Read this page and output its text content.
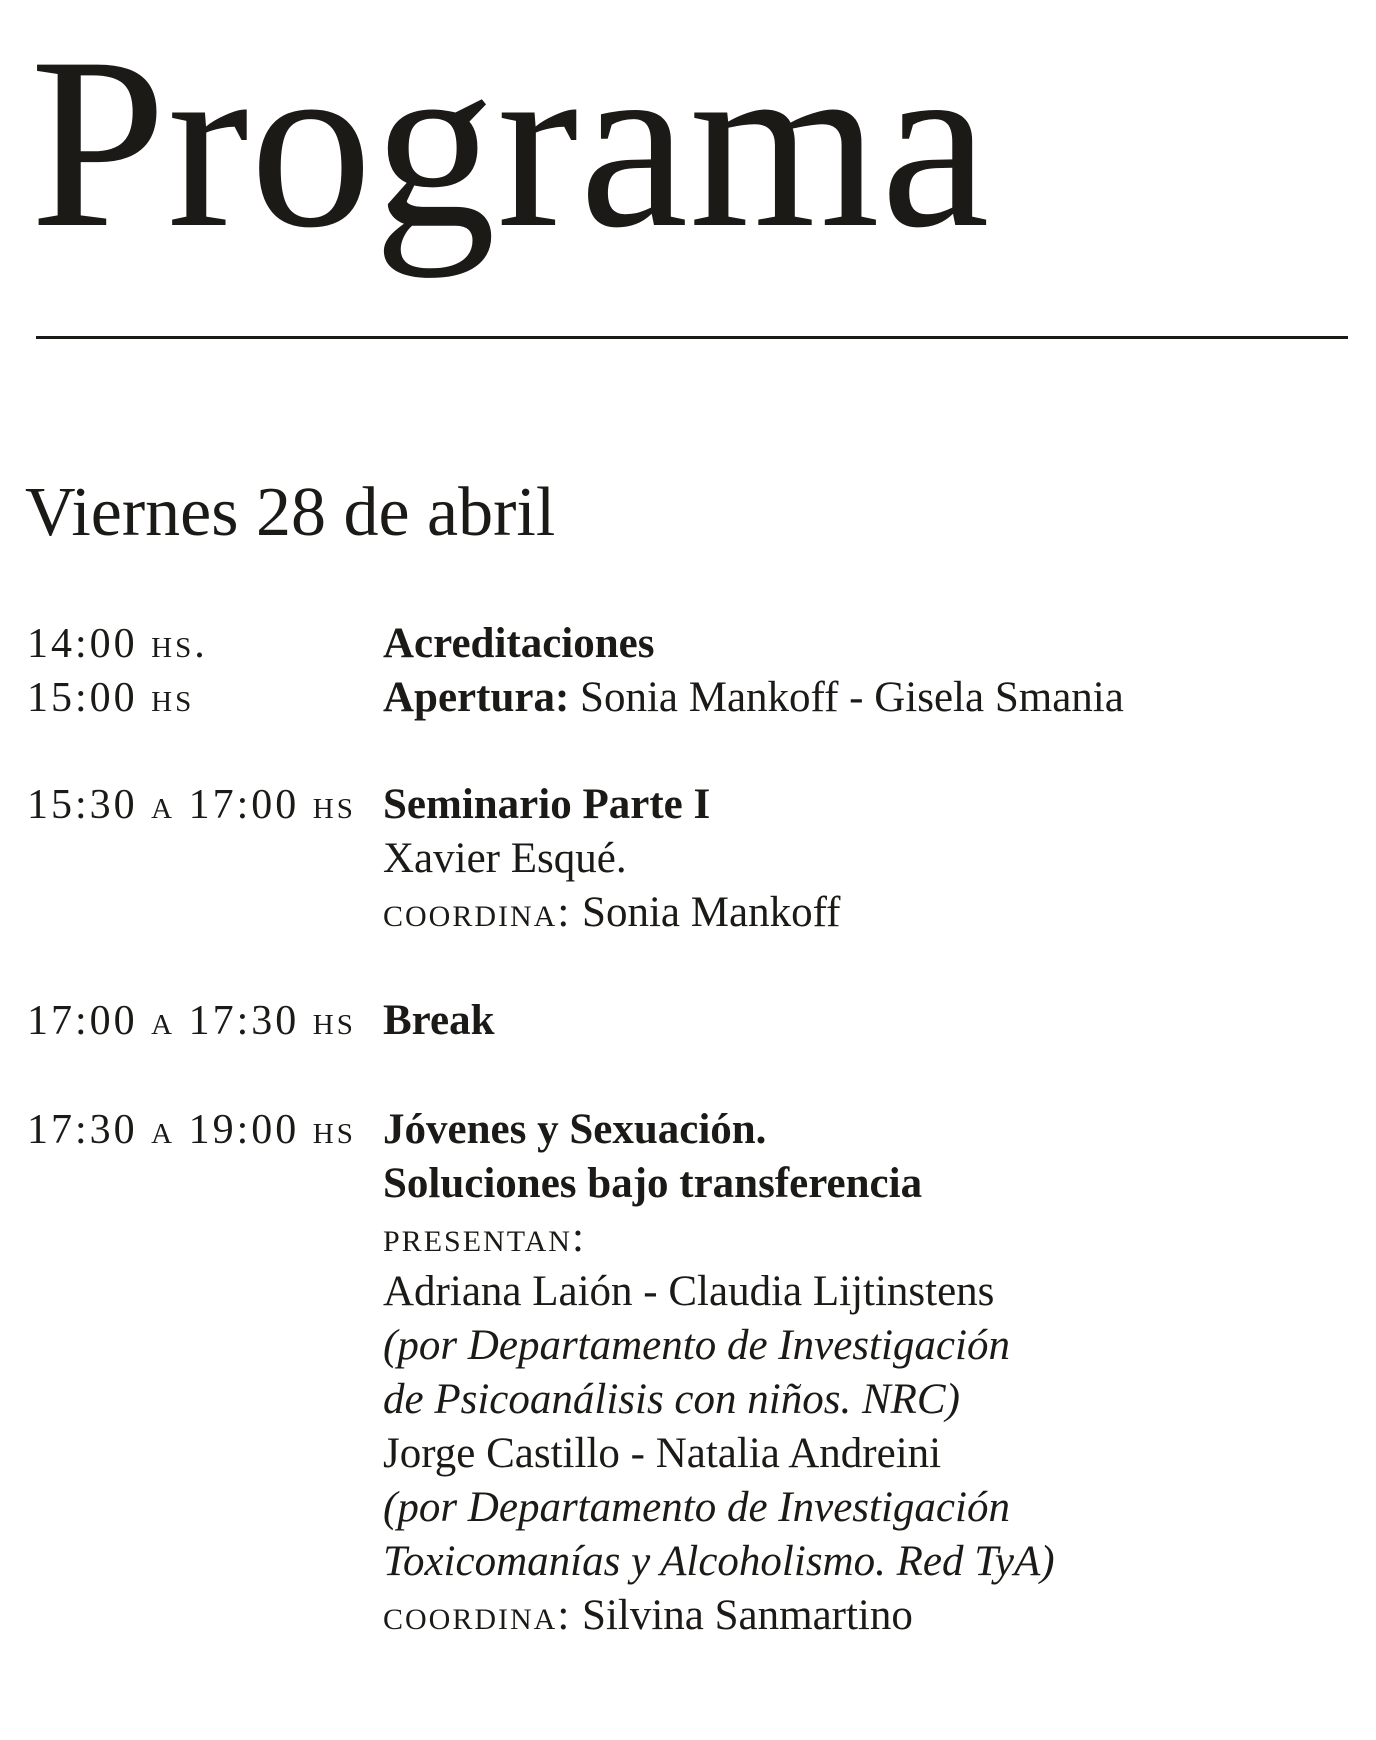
Programa
Viernes 28 de abril
14:00 hs.	Acreditaciones
15:00 hs	Apertura: Sonia Mankoff - Gisela Smania
15:30 a 17:00 hs Seminario Parte I
Xavier Esqué.
coordina: Sonia Mankoff
17:00 a 17:30 hs Break
17:30 a 19:00 hs Jóvenes y Sexuación.
Soluciones bajo transferencia
presentan:
Adriana Laión - Claudia Lijtinstens
(por Departamento de Investigación
de Psicoanálisis con niños. NRC)
Jorge Castillo - Natalia Andreini
(por Departamento de Investigación
Toxicomanías y Alcoholismo. Red TyA)
coordina: Silvina Sanmartino
